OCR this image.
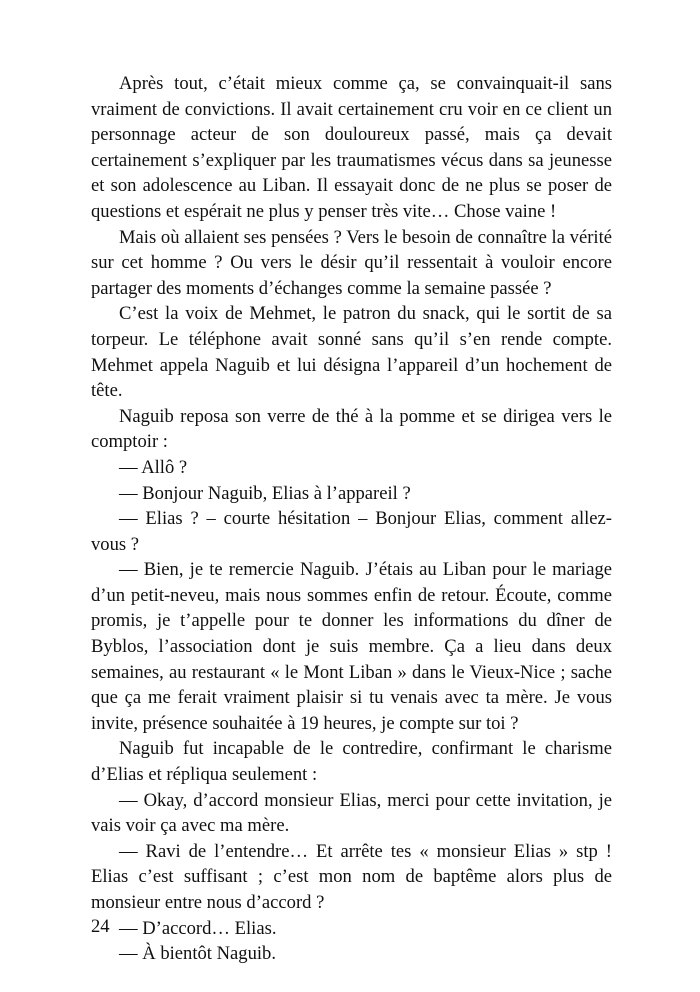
Après tout, c’était mieux comme ça, se convainquait-il sans vraiment de convictions. Il avait certainement cru voir en ce client un personnage acteur de son douloureux passé, mais ça devait certainement s’expliquer par les traumatismes vécus dans sa jeunesse et son adolescence au Liban. Il essayait donc de ne plus se poser de questions et espérait ne plus y penser très vite… Chose vaine !

Mais où allaient ses pensées ? Vers le besoin de connaître la vérité sur cet homme ? Ou vers le désir qu’il ressentait à vouloir encore partager des moments d’échanges comme la semaine passée ?

C’est la voix de Mehmet, le patron du snack, qui le sortit de sa torpeur. Le téléphone avait sonné sans qu’il s’en rende compte. Mehmet appela Naguib et lui désigna l’appareil d’un hochement de tête.

Naguib reposa son verre de thé à la pomme et se dirigea vers le comptoir :

— Allô ?

— Bonjour Naguib, Elias à l’appareil ?

— Elias ? – courte hésitation – Bonjour Elias, comment allez-vous ?

— Bien, je te remercie Naguib. J’étais au Liban pour le mariage d’un petit-neveu, mais nous sommes enfin de retour. Écoute, comme promis, je t’appelle pour te donner les informations du dîner de Byblos, l’association dont je suis membre. Ça a lieu dans deux semaines, au restaurant « le Mont Liban » dans le Vieux-Nice ; sache que ça me ferait vraiment plaisir si tu venais avec ta mère. Je vous invite, présence souhaitée à 19 heures, je compte sur toi ?

Naguib fut incapable de le contredire, confirmant le charisme d’Elias et répliqua seulement :

— Okay, d’accord monsieur Elias, merci pour cette invitation, je vais voir ça avec ma mère.

— Ravi de l’entendre… Et arrête tes « monsieur Elias » stp ! Elias c’est suffisant ; c’est mon nom de baptême alors plus de monsieur entre nous d’accord ?

— D’accord… Elias.

— À bientôt Naguib.

24
